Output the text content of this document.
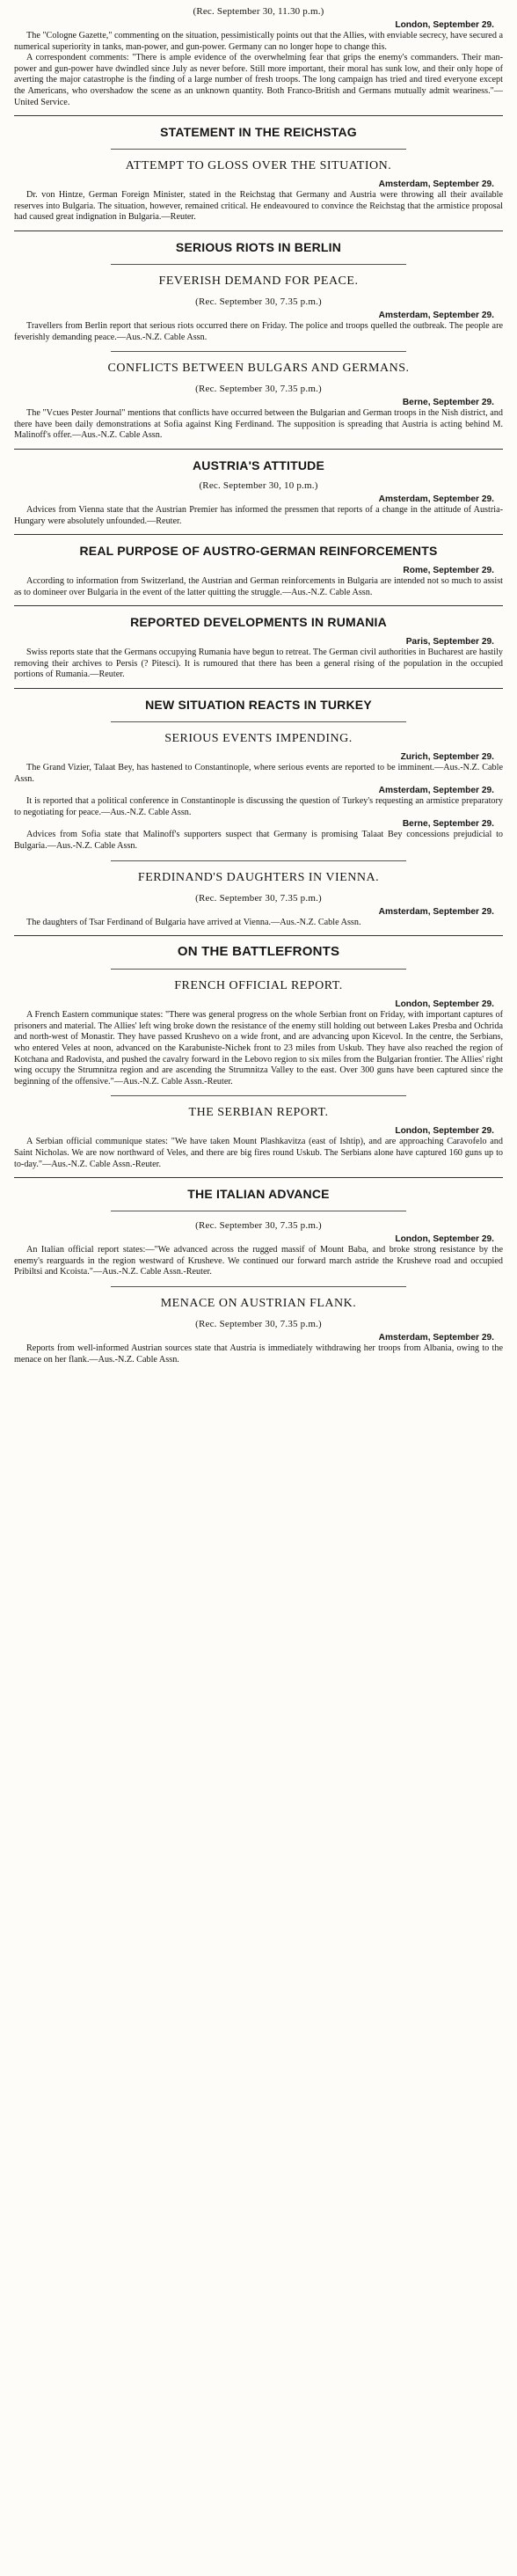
(Rec. September 30, 11.30 p.m.)
London, September 29.

The "Cologne Gazette," commenting on the situation, pessimistically points out that the Allies, with enviable secrecy, have secured a numerical superiority in tanks, man-power, and gun-power. Germany can no longer hope to change this.

A correspondent comments: "There is ample evidence of the overwhelming fear that grips the enemy's commanders. Their man-power and gun-power have dwindled since July as never before. Still more important, their moral has sunk low, and their only hope of averting the major catastrophe is the finding of a large number of fresh troops. The long campaign has tried and tired everyone except the Americans, who overshadow the scene as an unknown quantity. Both Franco-British and Germans mutually admit weariness."—United Service.

STATEMENT IN THE REICHSTAG
ATTEMPT TO GLOSS OVER THE SITUATION.
Amsterdam, September 29.

Dr. von Hintze, German Foreign Minister, stated in the Reichstag that Germany and Austria were throwing all their available reserves into Bulgaria. The situation, however, remained critical. He endeavoured to convince the Reichstag that the armistice proposal had caused great indignation in Bulgaria.—Reuter.

SERIOUS RIOTS IN BERLIN
FEVERISH DEMAND FOR PEACE.
(Rec. September 30, 7.35 p.m.)
Amsterdam, September 29.

Travellers from Berlin report that serious riots occurred there on Friday. The police and troops quelled the outbreak. The people are feverishly demanding peace.—Aus.-N.Z. Cable Assn.

CONFLICTS BETWEEN BULGARS AND GERMANS.
(Rec. September 30, 7.35 p.m.)
Berne, September 29.

The "Vcues Pester Journal" mentions that conflicts have occurred between the Bulgarian and German troops in the Nish district, and there have been daily demonstrations at Sofia against King Ferdinand. The supposition is spreading that Austria is acting behind M. Malinoff's offer.—Aus.-N.Z. Cable Assn.

AUSTRIA'S ATTITUDE
(Rec. September 30, 10 p.m.)
Amsterdam, September 29.

Advices from Vienna state that the Austrian Premier has informed the pressmen that reports of a change in the attitude of Austria-Hungary were absolutely unfounded.—Reuter.

REAL PURPOSE OF AUSTRO-GERMAN REINFORCEMENTS
Rome, September 29.

According to information from Switzerland, the Austrian and German reinforcements in Bulgaria are intended not so much to assist as to domineer over Bulgaria in the event of the latter quitting the struggle.—Aus.-N.Z. Cable Assn.

REPORTED DEVELOPMENTS IN RUMANIA
Paris, September 29.

Swiss reports state that the Germans occupying Rumania have begun to retreat. The German civil authorities in Bucharest are hastily removing their archives to Persis (? Pitesci). It is rumoured that there has been a general rising of the population in the occupied portions of Rumania.—Reuter.

NEW SITUATION REACTS IN TURKEY
SERIOUS EVENTS IMPENDING.
Zurich, September 29.

The Grand Vizier, Talaat Bey, has hastened to Constantinople, where serious events are reported to be imminent.—Aus.-N.Z. Cable Assn.

Amsterdam, September 29.

It is reported that a political conference in Constantinople is discussing the question of Turkey's requesting an armistice preparatory to negotiating for peace.—Aus.-N.Z. Cable Assn.

Berne, September 29.

Advices from Sofia state that Malinoff's supporters suspect that Germany is promising Talaat Bey concessions prejudicial to Bulgaria.—Aus.-N.Z. Cable Assn.

FERDINAND'S DAUGHTERS IN VIENNA.
(Rec. September 30, 7.35 p.m.)
Amsterdam, September 29.

The daughters of Tsar Ferdinand of Bulgaria have arrived at Vienna.—Aus.-N.Z. Cable Assn.

ON THE BATTLEFRONTS
FRENCH OFFICIAL REPORT.
London, September 29.

A French Eastern communique states: "There was general progress on the whole Serbian front on Friday, with important captures of prisoners and material. The Allies' left wing broke down the resistance of the enemy still holding out between Lakes Presba and Ochrida and north-west of Monastir. They have passed Krushevo on a wide front, and are advancing upon Kicevol. In the centre, the Serbians, who entered Veles at noon, advanced on the Karabuniste-Nichek front to 23 miles from Uskub. They have also reached the region of Kotchana and Radovista, and pushed the cavalry forward in the Lebovo region to six miles from the Bulgarian frontier. The Allies' right wing occupy the Strumnitza region and are ascending the Strumnitza Valley to the east. Over 300 guns have been captured since the beginning of the offensive."—Aus.-N.Z. Cable Assn.-Reuter.

THE SERBIAN REPORT.
London, September 29.

A Serbian official communique states: "We have taken Mount Plashkavitza (east of Ishtip), and are approaching Caravofelo and Saint Nicholas. We are now northward of Veles, and there are big fires round Uskub. The Serbians alone have captured 160 guns up to to-day."—Aus.-N.Z. Cable Assn.-Reuter.

THE ITALIAN ADVANCE
(Rec. September 30, 7.35 p.m.)
London, September 29.

An Italian official report states:—"We advanced across the rugged massif of Mount Baba, and broke strong resistance by the enemy's rearguards in the region westward of Krusheve. We continued our forward march astride the Krusheve road and occupied Pribiltsi and Kcoista."—Aus.-N.Z. Cable Assn.-Reuter.

MENACE ON AUSTRIAN FLANK.
(Rec. September 30, 7.35 p.m.)
Amsterdam, September 29.

Reports from well-informed Austrian sources state that Austria is immediately withdrawing her troops from Albania, owing to the menace on her flank.—Aus.-N.Z. Cable Assn.
